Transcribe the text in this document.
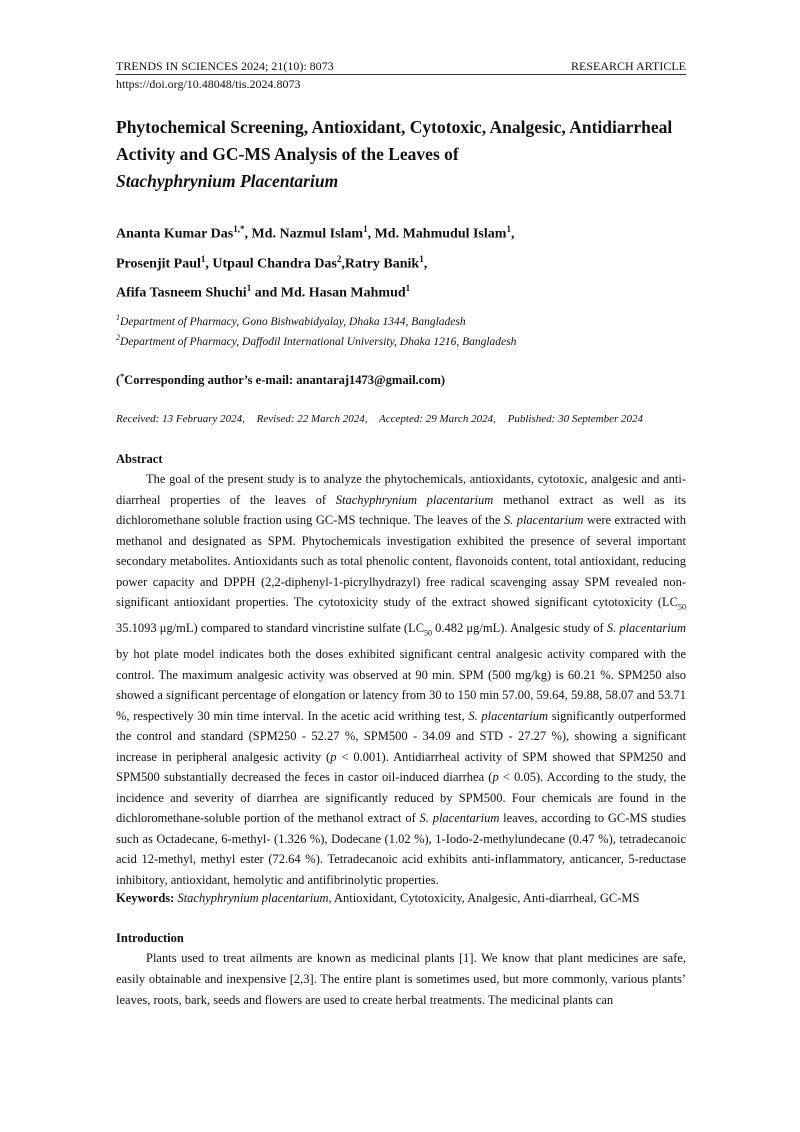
TRENDS IN SCIENCES 2024; 21(10): 8073	RESEARCH ARTICLE
https://doi.org/10.48048/tis.2024.8073
Phytochemical Screening, Antioxidant, Cytotoxic, Analgesic, Antidiarrheal Activity and GC-MS Analysis of the Leaves of
Stachyphrynium Placentarium

Ananta Kumar Das$^{1,*}$, Md. Nazmul Islam$^1$, Md. Mahmudul Islam$^1$,
Prosenjit Paul$^1$, Utpaul Chandra Das$^2$,Ratry Banik$^1$,
Afifa Tasneem Shuchi$^1$ and Md. Hasan Mahmud$^1$

$^1$Department of Pharmacy, Gono Bishwabidyalay, Dhaka 1344, Bangladesh
$^2$Department of Pharmacy, Daffodil International University, Dhaka 1216, Bangladesh
(*Corresponding author’s e-mail: anantaraj1473@gmail.com)
Received: 13 February 2024, Revised: 22 March 2024, Accepted: 29 March 2024, Published: 30 September 2024
Abstract

The goal of the present study is to analyze the phytochemicals, antioxidants, cytotoxic, analgesic and anti-diarrheal properties of the leaves of Stachyphrynium placentarium methanol extract as well as its dichloromethane soluble fraction using GC-MS technique. The leaves of the S. placentarium were extracted with methanol and designated as SPM. Phytochemicals investigation exhibited the presence of several important secondary metabolites. Antioxidants such as total phenolic content, flavonoids content, total antioxidant, reducing power capacity and DPPH (2,2-diphenyl-1-picrylhydrazyl) free radical scavenging assay SPM revealed non-significant antioxidant properties. The cytotoxicity study of the extract showed significant cytotoxicity ($LC_{50}$ 35.1093 μg/mL) compared to standard vincristine sulfate ($LC_{50}$ 0.482 μg/mL). Analgesic study of S. placentarium by hot plate model indicates both the doses exhibited significant central analgesic activity compared with the control. The maximum analgesic activity was observed at 90 min. SPM (500 mg/kg) is 60.21 %. SPM250 also showed a significant percentage of elongation or latency from 30 to 150 min 57.00, 59.64, 59.88, 58.07 and 53.71 %, respectively 30 min time interval. In the acetic acid writhing test, S. placentarium significantly outperformed the control and standard (SPM250 - 52.27 %, SPM500 - 34.09 and STD - 27.27 %), showing a significant increase in peripheral analgesic activity (p < 0.001). Antidiarrheal activity of SPM showed that SPM250 and SPM500 substantially decreased the feces in castor oil-induced diarrhea (p < 0.05). According to the study, the incidence and severity of diarrhea are significantly reduced by SPM500. Four chemicals are found in the dichloromethane-soluble portion of the methanol extract of S. placentarium leaves, according to GC-MS studies such as Octadecane, 6-methyl- (1.326 %), Dodecane (1.02 %), 1-Iodo-2-methylundecane (0.47 %), tetradecanoic acid 12-methyl, methyl ester (72.64 %). Tetradecanoic acid exhibits anti-inflammatory, anticancer, 5-reductase inhibitory, antioxidant, hemolytic and antifibrinolytic properties.

Keywords: Stachyphrynium placentarium, Antioxidant, Cytotoxicity, Analgesic, Anti-diarrheal, GC-MS
Introduction

Plants used to treat ailments are known as medicinal plants [1]. We know that plant medicines are safe, easily obtainable and inexpensive [2,3]. The entire plant is sometimes used, but more commonly, various plants’ leaves, roots, bark, seeds and flowers are used to create herbal treatments. The medicinal plants can
